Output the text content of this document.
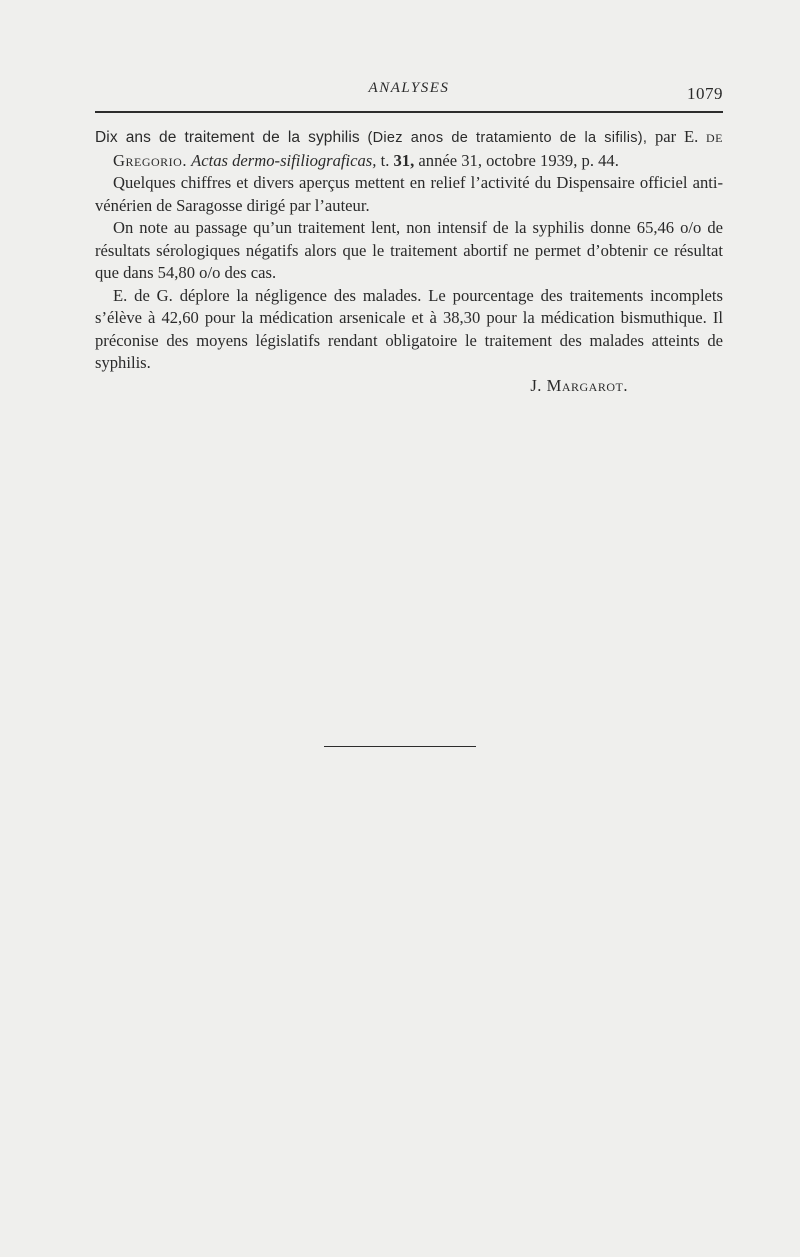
ANALYSES	1079

Dix ans de traitement de la syphilis (Diez anos de tratamiento de la sifilis), par E. de Gregorio. Actas dermo-sifiliograficas, t. 31, année 31, octobre 1939, p. 44.

Quelques chiffres et divers aperçus mettent en relief l’activité du Dispensaire officiel anti-vénérien de Saragosse dirigé par l’auteur.

On note au passage qu’un traitement lent, non intensif de la syphilis donne 65,46 o/o de résultats sérologiques négatifs alors que le traitement abortif ne permet d’obtenir ce résultat que dans 54,80 o/o des cas.

E. de G. déplore la négligence des malades. Le pourcentage des traitements incomplets s’élève à 42,60 pour la médication arsenicale et à 38,30 pour la médication bismuthique. Il préconise des moyens législatifs rendant obligatoire le traitement des malades atteints de syphilis.

J. Margarot.
